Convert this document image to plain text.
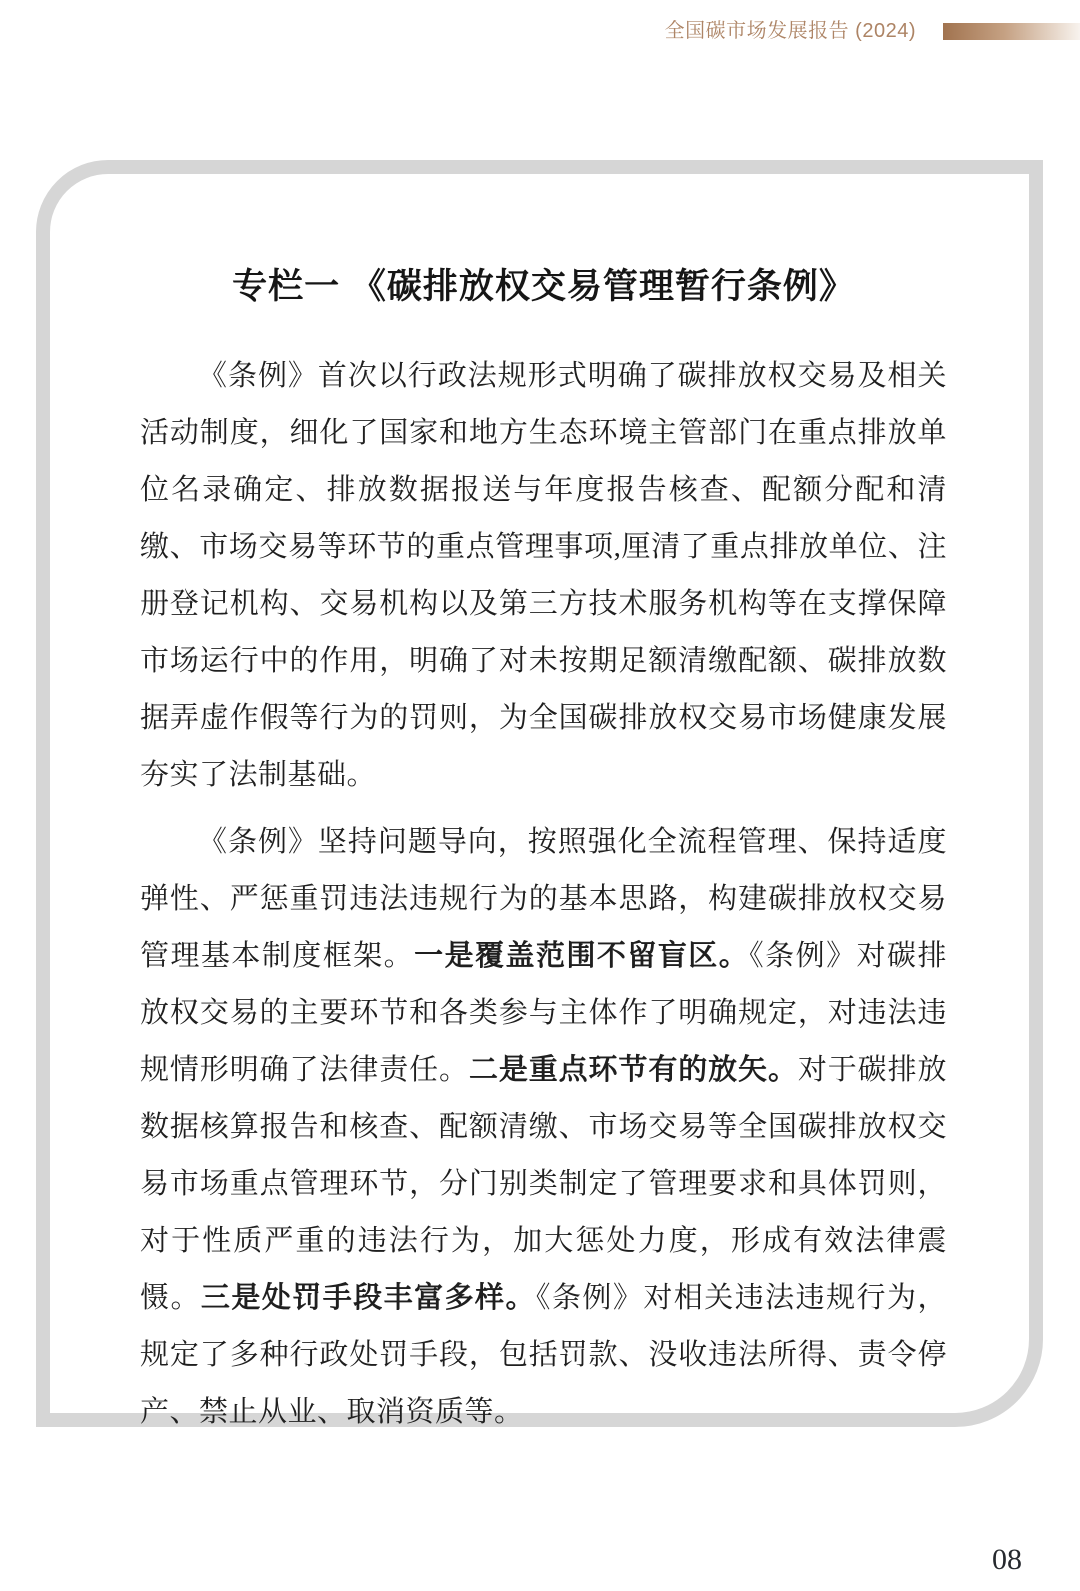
全国碳市场发展报告 (2024)
专栏一 《碳排放权交易管理暂行条例》

《条例》首次以行政法规形式明确了碳排放权交易及相关活动制度，细化了国家和地方生态环境主管部门在重点排放单位名录确定、排放数据报送与年度报告核查、配额分配和清缴、市场交易等环节的重点管理事项,厘清了重点排放单位、注册登记机构、交易机构以及第三方技术服务机构等在支撑保障市场运行中的作用，明确了对未按期足额清缴配额、碳排放数据弄虚作假等行为的罚则，为全国碳排放权交易市场健康发展夯实了法制基础。

《条例》坚持问题导向，按照强化全流程管理、保持适度弹性、严惩重罚违法违规行为的基本思路，构建碳排放权交易管理基本制度框架。一是覆盖范围不留盲区。《条例》对碳排放权交易的主要环节和各类参与主体作了明确规定，对违法违规情形明确了法律责任。二是重点环节有的放矢。对于碳排放数据核算报告和核查、配额清缴、市场交易等全国碳排放权交易市场重点管理环节，分门别类制定了管理要求和具体罚则，对于性质严重的违法行为，加大惩处力度，形成有效法律震慑。三是处罚手段丰富多样。《条例》对相关违法违规行为，规定了多种行政处罚手段，包括罚款、没收违法所得、责令停产、禁止从业、取消资质等。

08
